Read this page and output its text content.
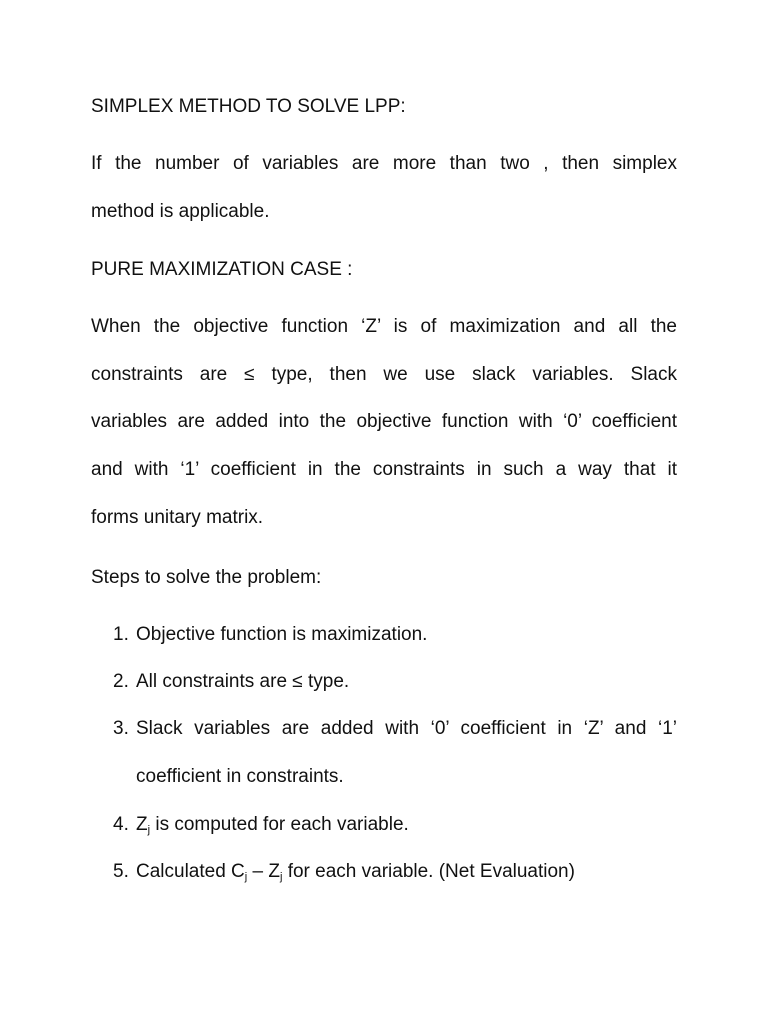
SIMPLEX METHOD TO SOLVE LPP:
If the number of variables are more than two , then simplex
method is applicable.
PURE MAXIMIZATION CASE :
When the objective function ‘Z’ is of maximization and all the
constraints are ≤ type, then we use slack variables. Slack
variables are added into the objective function with ‘0’ coefficient
and with ‘1’ coefficient in the constraints in such a way that it
forms unitary matrix.
Steps to solve the problem:
1. Objective function is maximization.
2. All constraints are ≤ type.
3. Slack variables are added with ‘0’ coefficient in ‘Z’ and ‘1’
coefficient in constraints.
4. $Z_j$ is computed for each variable.
5. Calculated $C_j - Z_j$ for each variable. (Net Evaluation)
